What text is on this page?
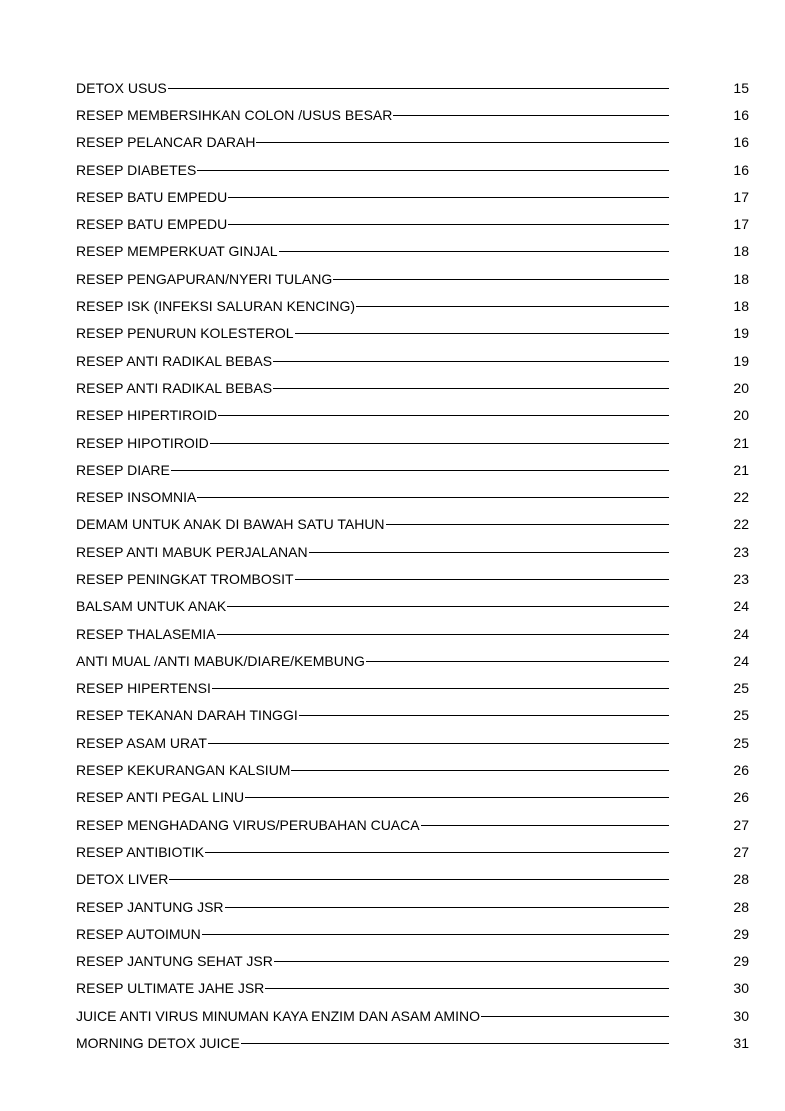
DETOX USUS	15
RESEP MEMBERSIHKAN COLON /USUS BESAR	16
RESEP PELANCAR DARAH	16
RESEP DIABETES	16
RESEP BATU EMPEDU	17
RESEP BATU EMPEDU	17
RESEP MEMPERKUAT GINJAL	18
RESEP PENGAPURAN/NYERI TULANG	18
RESEP ISK (INFEKSI SALURAN KENCING)	18
RESEP PENURUN KOLESTEROL	19
RESEP ANTI RADIKAL BEBAS	19
RESEP ANTI RADIKAL BEBAS	20
RESEP HIPERTIROID	20
RESEP HIPOTIROID	21
RESEP DIARE	21
RESEP INSOMNIA	22
DEMAM UNTUK ANAK DI BAWAH SATU TAHUN	22
RESEP ANTI MABUK PERJALANAN	23
RESEP PENINGKAT TROMBOSIT	23
BALSAM UNTUK ANAK	24
RESEP THALASEMIA	24
ANTI MUAL /ANTI MABUK/DIARE/KEMBUNG	24
RESEP HIPERTENSI	25
RESEP TEKANAN DARAH TINGGI	25
RESEP ASAM URAT	25
RESEP KEKURANGAN KALSIUM	26
RESEP ANTI PEGAL LINU	26
RESEP MENGHADANG VIRUS/PERUBAHAN CUACA	27
RESEP ANTIBIOTIK	27
DETOX LIVER	28
RESEP JANTUNG JSR	28
RESEP AUTOIMUN	29
RESEP JANTUNG SEHAT JSR	29
RESEP ULTIMATE JAHE JSR	30
JUICE ANTI VIRUS MINUMAN KAYA ENZIM DAN ASAM AMINO	30
MORNING DETOX JUICE	31
